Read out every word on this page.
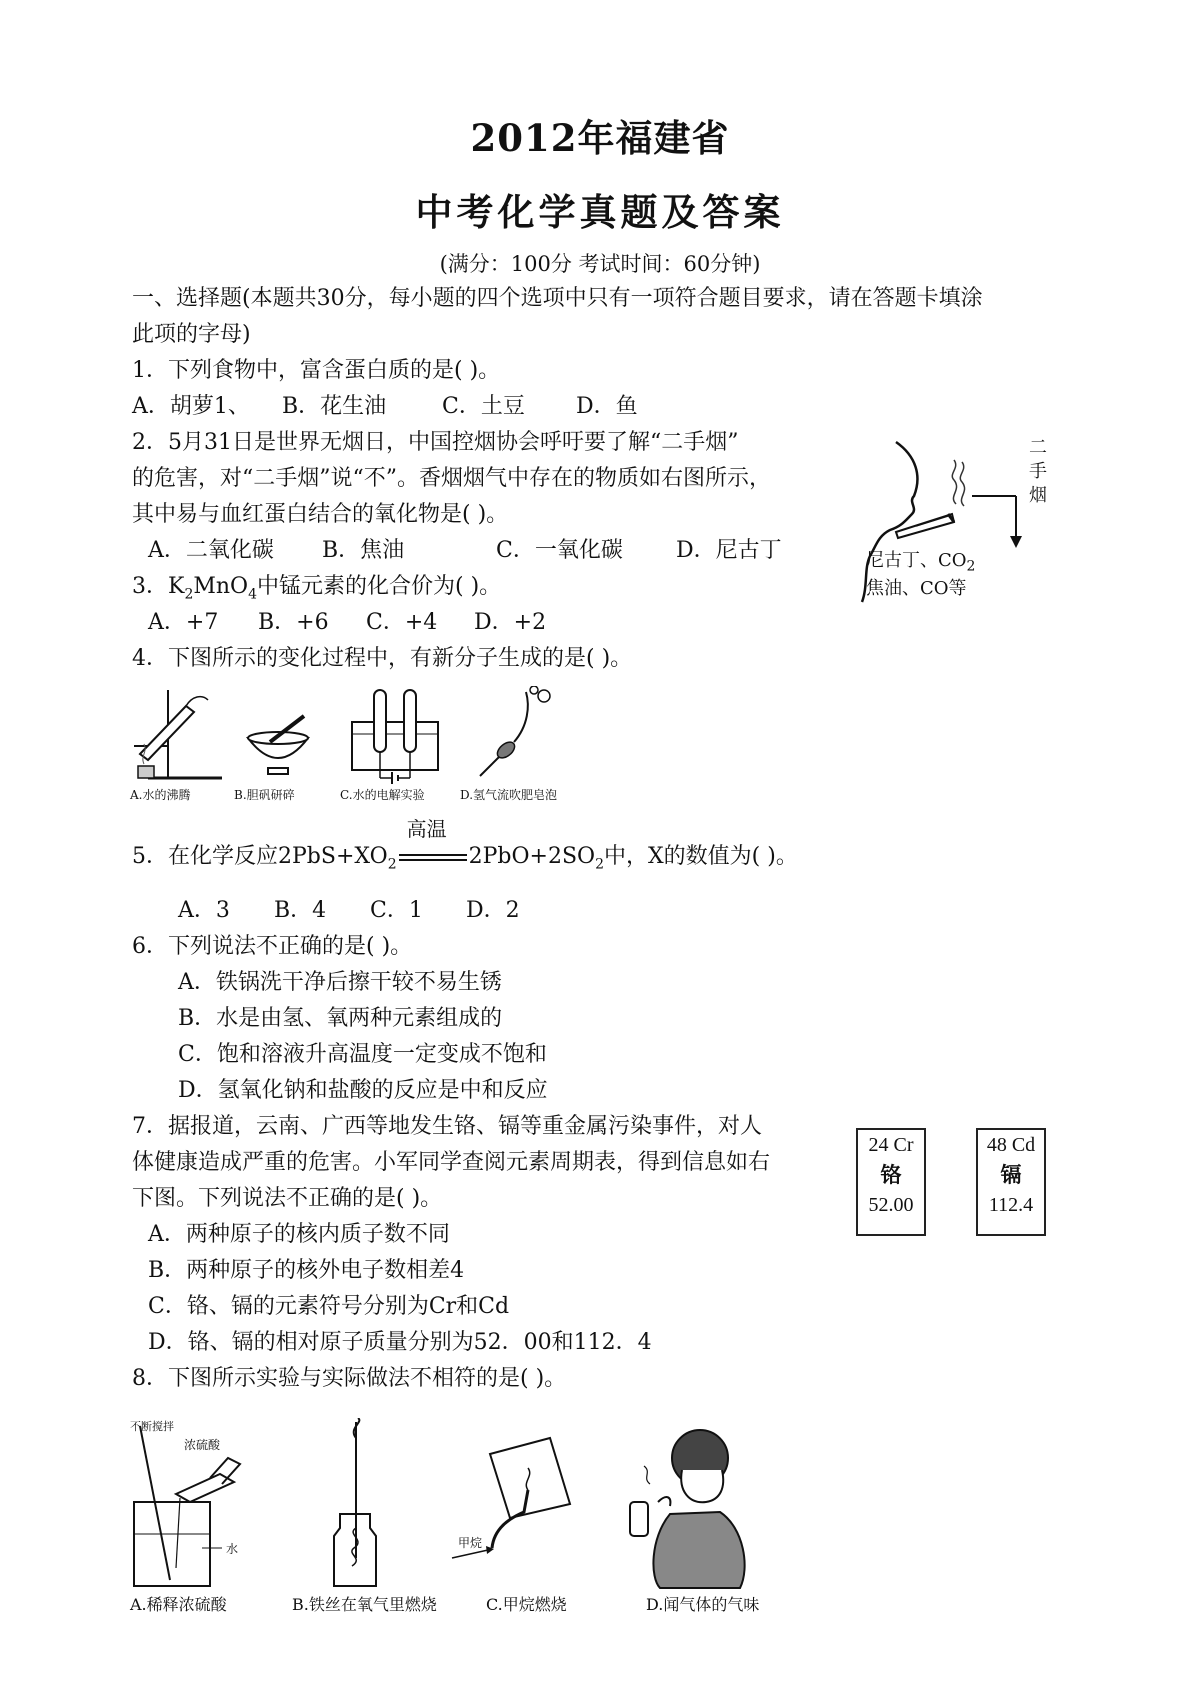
2012年福建省
中考化学真题及答案
(满分：100分 考试时间：60分钟)
一、选择题(本题共30分，每小题的四个选项中只有一项符合题目要求，请在答题卡填涂
此项的字母)
1．下列食物中，富含蛋白质的是( )。
A．胡萝1、 B．花生油	C．土豆 D．鱼
2．5月31日是世界无烟日，中国控烟协会呼吁要了解“二手烟”
的危害，对“二手烟”说“不”。香烟烟气中存在的物质如右图所示，
其中易与血红蛋白结合的氧化物是( )。
A．二氧化碳 B．焦油	C．一氧化碳 D．尼古丁
二手烟
尼古丁、$CO_2$
焦油、CO等
3．$K_2MnO_4$中锰元素的化合价为( )。
A．+7 B．+6 C．+4 D．+2
4．下图所示的变化过程中，有新分子生成的是( )。
A.水的沸腾	B.胆矾研碎	C.水的电解实验	D.氢气流吹肥皂泡
5．在化学反应$2PbS+XO_2$
高温
$2PbO+2SO_2$中，X的数值为( )。
A．3 B．4 C．1 D．2
6．下列说法不正确的是( )。
A．铁锅洗干净后擦干较不易生锈
B．水是由氢、氧两种元素组成的
C．饱和溶液升高温度一定变成不饱和
D．氢氧化钠和盐酸的反应是中和反应
7．据报道，云南、广西等地发生铬、镉等重金属污染事件，对人
体健康造成严重的危害。小军同学查阅元素周期表，得到信息如右
下图。下列说法不正确的是( )。
A．两种原子的核内质子数不同
B．两种原子的核外电子数相差4
C．铬、镉的元素符号分别为Cr和Cd
D．铬、镉的相对原子质量分别为52．00和112．4
24 Cr
铬
52.00
48 Cd
镉
112.4
8．下图所示实验与实际做法不相符的是( )。
不断搅拌
浓硫酸
水	甲烷
A.稀释浓硫酸	B.铁丝在氧气里燃烧	C.甲烷燃烧	D.闻气体的气味
